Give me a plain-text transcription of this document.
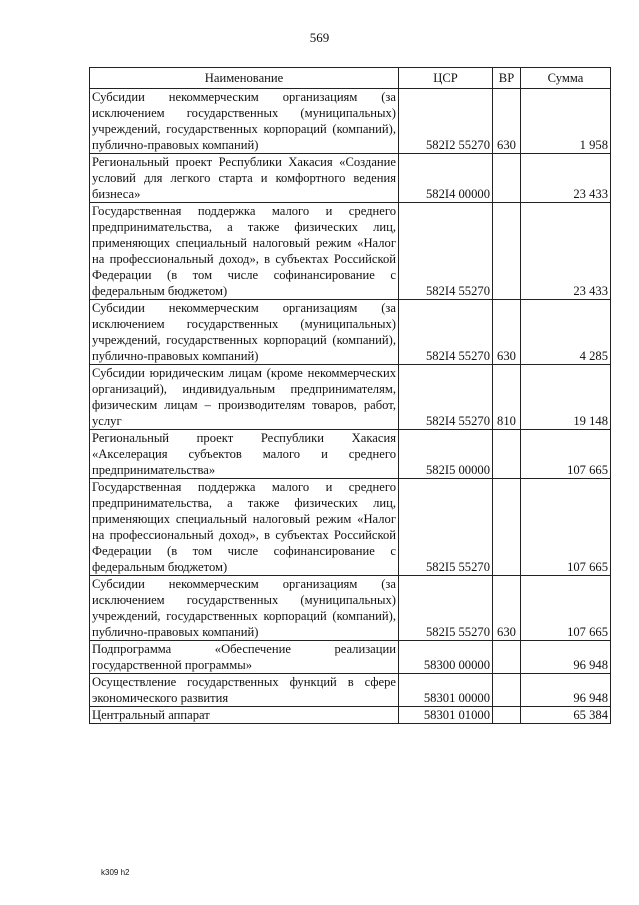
569
Наименование	ЦСР	ВР	Сумма
Субсидии некоммерческим организациям (за исключением государственных (муниципальных) учреждений, государственных корпораций (компаний), публично-правовых компаний)	582I2 55270	630	1 958
Региональный проект Республики Хакасия «Создание условий для легкого старта и комфортного ведения бизнеса»	582I4 00000		23 433
Государственная поддержка малого и среднего предпринимательства, а также физических лиц, применяющих специальный налоговый режим «Налог на профессиональный доход», в субъектах Российской Федерации (в том числе софинансирование с федеральным бюджетом)	582I4 55270		23 433
Субсидии некоммерческим организациям (за исключением государственных (муниципальных) учреждений, государственных корпораций (компаний), публично-правовых компаний)	582I4 55270	630	4 285
Субсидии юридическим лицам (кроме некоммерческих организаций), индивидуальным предпринимателям, физическим лицам – производителям товаров, работ, услуг	582I4 55270	810	19 148
Региональный проект Республики Хакасия «Акселерация субъектов малого и среднего предпринимательства»	582I5 00000		107 665
Государственная поддержка малого и среднего предпринимательства, а также физических лиц, применяющих специальный налоговый режим «Налог на профессиональный доход», в субъектах Российской Федерации (в том числе софинансирование с федеральным бюджетом)	582I5 55270		107 665
Субсидии некоммерческим организациям (за исключением государственных (муниципальных) учреждений, государственных корпораций (компаний), публично-правовых компаний)	582I5 55270	630	107 665
Подпрограмма «Обеспечение реализации государственной программы»	58300 00000		96 948
Осуществление государственных функций в сфере экономического развития	58301 00000		96 948
Центральный аппарат	58301 01000		65 384
k309 h2
